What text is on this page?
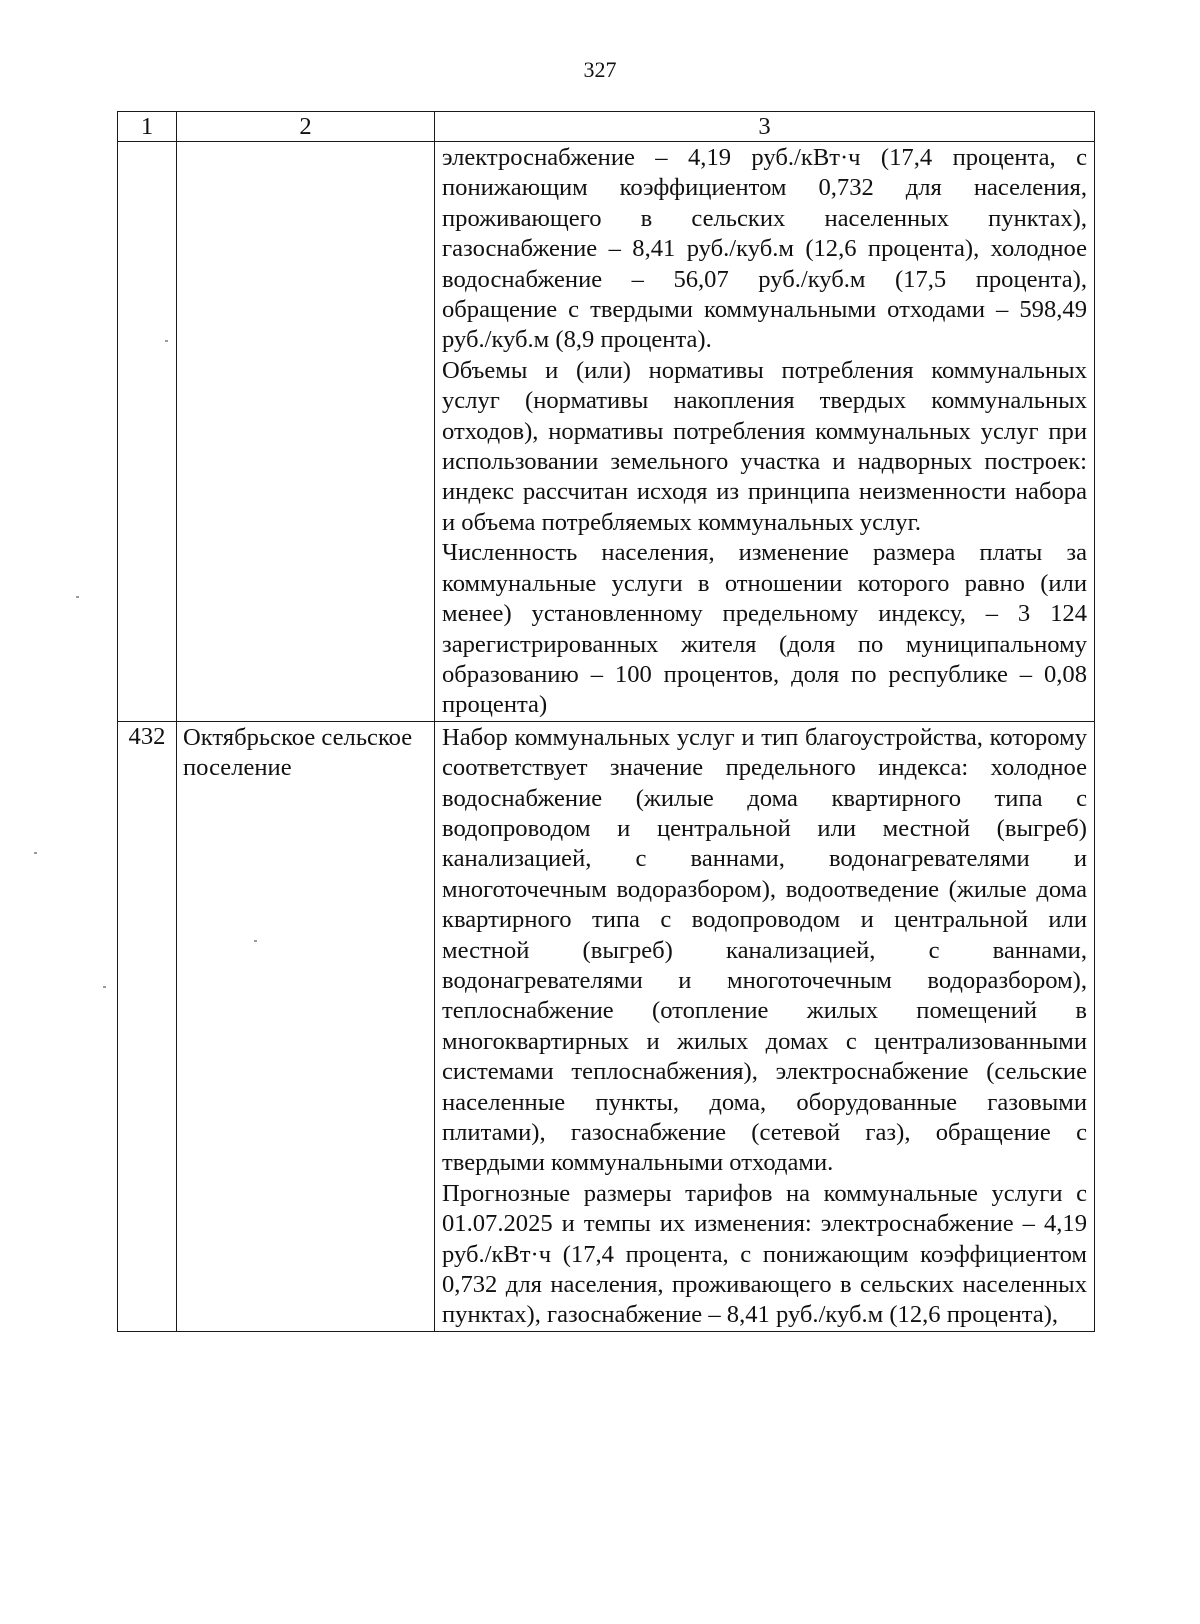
327
1	2	3

		электроснабжение – 4,19 руб./кВт·ч (17,4 процента, с понижающим коэффициентом 0,732 для населения, проживающего в сельских населенных пунктах), газоснабжение – 8,41 руб./куб.м (12,6 процента), холодное водоснабжение – 56,07 руб./куб.м (17,5 процента), обращение с твердыми коммунальными отходами – 598,49 руб./куб.м (8,9 процента).

Объемы и (или) нормативы потребления коммунальных услуг (нормативы накопления твердых коммунальных отходов), нормативы потребления коммунальных услуг при использовании земельного участка и надворных построек: индекс рассчитан исходя из принципа неизменности набора и объема потребляемых коммунальных услуг.

Численность населения, изменение размера платы за коммунальные услуги в отношении которого равно (или менее) установленному предельному индексу, – 3 124 зарегистрированных жителя (доля по муниципальному образованию – 100 процентов, доля по республике – 0,08 процента)

432	Октябрьское сельское поселение	Набор коммунальных услуг и тип благоустройства, которому соответствует значение предельного индекса: холодное водоснабжение (жилые дома квартирного типа с водопроводом и центральной или местной (выгреб) канализацией, с ваннами, водонагревателями и многоточечным водоразбором), водоотведение (жилые дома квартирного типа с водопроводом и центральной или местной (выгреб) канализацией, с ваннами, водонагревателями и многоточечным водоразбором), теплоснабжение (отопление жилых помещений в многоквартирных и жилых домах с централизованными системами теплоснабжения), электроснабжение (сельские населенные пункты, дома, оборудованные газовыми плитами), газоснабжение (сетевой газ), обращение с твердыми коммунальными отходами.

Прогнозные размеры тарифов на коммунальные услуги с 01.07.2025 и темпы их изменения: электроснабжение – 4,19 руб./кВт·ч (17,4 процента, с понижающим коэффициентом 0,732 для населения, проживающего в сельских населенных пунктах), газоснабжение – 8,41 руб./куб.м (12,6 процента),
